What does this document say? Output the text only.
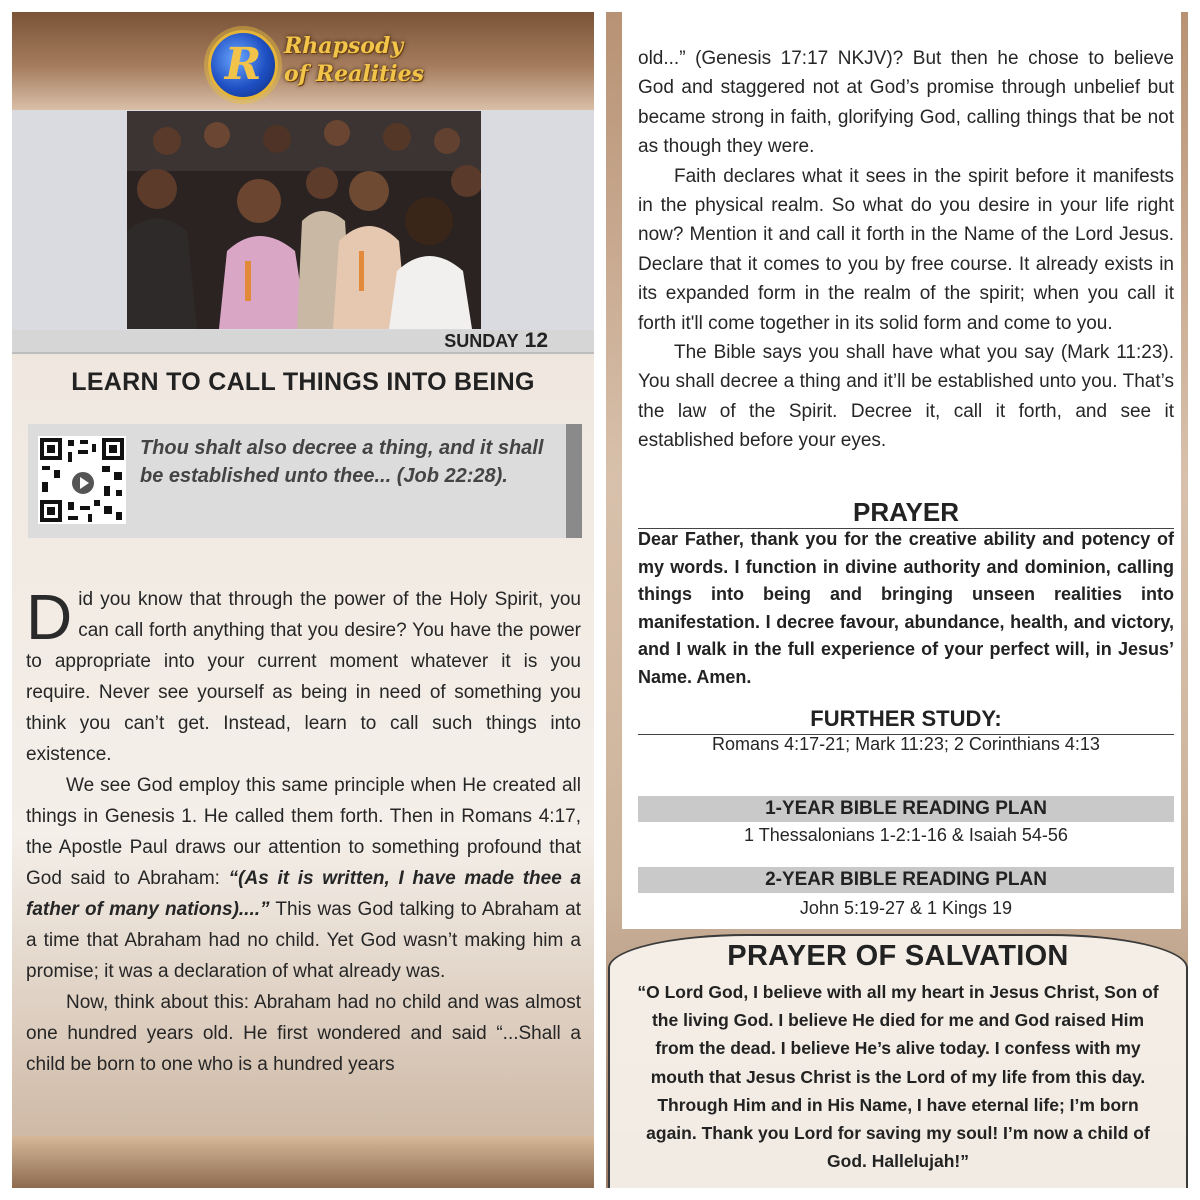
R	Rhapsody
of Realities
SUNDAY 12
LEARN TO CALL THINGS INTO BEING
Thou shalt also decree a thing, and it shall be established unto thee... (Job 22:28).

Did you know that through the power of the Holy Spirit, you can call forth anything that you desire? You have the power to appropriate into your current moment whatever it is you require. Never see yourself as being in need of something you think you can’t get. Instead, learn to call such things into existence.

We see God employ this same principle when He created all things in Genesis 1. He called them forth. Then in Romans 4:17, the Apostle Paul draws our attention to something profound that God said to Abraham: “(As it is written, I have made thee a father of many nations)....” This was God talking to Abraham at a time that Abraham had no child. Yet God wasn’t making him a promise; it was a declaration of what already was.

Now, think about this: Abraham had no child and was almost one hundred years old. He first wondered and said “...Shall a child be born to one who is a hundred years

old...” (Genesis 17:17 NKJV)? But then he chose to believe God and staggered not at God’s promise through unbelief but became strong in faith, glorifying God, calling things that be not as though they were.

Faith declares what it sees in the spirit before it manifests in the physical realm. So what do you desire in your life right now? Mention it and call it forth in the Name of the Lord Jesus. Declare that it comes to you by free course. It already exists in its expanded form in the realm of the spirit; when you call it forth it'll come together in its solid form and come to you.

The Bible says you shall have what you say (Mark 11:23). You shall decree a thing and it’ll be established unto you. That’s the law of the Spirit. Decree it, call it forth, and see it established before your eyes.

PRAYER
Dear Father, thank you for the creative ability and potency of my words. I function in divine authority and dominion, calling things into being and bringing unseen realities into manifestation. I decree favour, abundance, health, and victory, and I walk in the full experience of your perfect will, in Jesus’ Name. Amen.
FURTHER STUDY:
Romans 4:17-21; Mark 11:23; 2 Corinthians 4:13
1-YEAR BIBLE READING PLAN
1 Thessalonians 1-2:1-16 & Isaiah 54-56
2-YEAR BIBLE READING PLAN
John 5:19-27 & 1 Kings 19
PRAYER OF SALVATION
“O Lord God, I believe with all my heart in Jesus Christ, Son of the living God. I believe He died for me and God raised Him from the dead. I believe He’s alive today. I confess with my mouth that Jesus Christ is the Lord of my life from this day. Through Him and in His Name, I have eternal life; I’m born again. Thank you Lord for saving my soul! I’m now a child of God. Hallelujah!”
